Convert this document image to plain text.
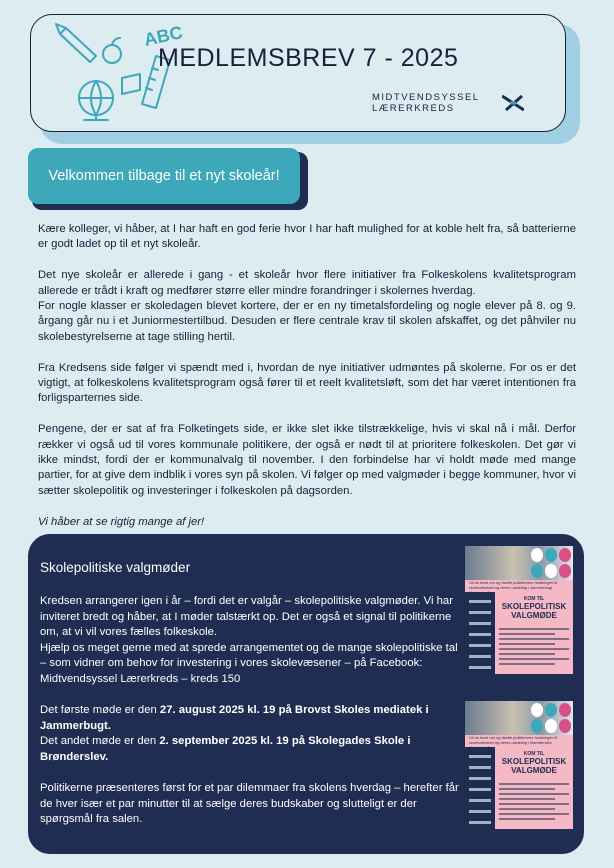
ABC
MEDLEMSBREV 7 - 2025
MIDTVENDSYSSEL
LÆRERKREDS
Velkommen tilbage til et nyt skoleår!

Kære kolleger, vi håber, at I har haft en god ferie hvor I har haft mulighed for at koble helt fra, så batterierne er godt ladet op til et nyt skoleår.

Det nye skoleår er allerede i gang - et skoleår hvor flere initiativer fra Folkeskolens kvalitetsprogram allerede er trådt i kraft og medfører større eller mindre forandringer i skolernes hverdag.

For nogle klasser er skoledagen blevet kortere, der er en ny timetalsfordeling og nogle elever på 8. og 9. årgang går nu i et Juniormestertilbud. Desuden er flere centrale krav til skolen afskaffet, og det påhviler nu skolebestyrelserne at tage stilling hertil.

Fra Kredsens side følger vi spændt med i, hvordan de nye initiativer udmøntes på skolerne. For os er det vigtigt, at folkeskolens kvalitetsprogram også fører til et reelt kvalitetsløft, som det har været intentionen fra forligsparternes side.

Pengene, der er sat af fra Folketingets side, er ikke slet ikke tilstrækkelige, hvis vi skal nå i mål. Derfor rækker vi også ud til vores kommunale politikere, der også er nødt til at prioritere folkeskolen. Det gør vi ikke mindst, fordi der er kommunalvalg til november. I den forbindelse har vi holdt møde med mange partier, for at give dem indblik i vores syn på skolen. Vi følger op med valgmøder i begge kommuner, hvor vi sætter skolepolitik og investeringer i folkeskolen på dagsorden.

Vi håber at se rigtig mange af jer!

Skolepolitiske valgmøder

Kredsen arrangerer igen i år – fordi det er valgår – skolepolitiske valgmøder. Vi har inviteret bredt og håber, at I møder talstærkt op. Det er også et signal til politikerne om, at vi vil vores fælles folkeskole.

Hjælp os meget gerne med at sprede arrangementet og de mange skolepolitiske tal – som vidner om behov for investering i vores skolevæsener – på Facebook: Midtvendsyssel Lærerkreds – kreds 150

Det første møde er den 27. august 2025 kl. 19 på Brovst Skoles mediatek i Jammerbugt.

Det andet møde er den 2. september 2025 kl. 19 på Skolegades Skole i Brønderslev.

Politikerne præsenteres først for et par dilemmaer fra skolens hverdag – herefter får de hver især et par minutter til at sælge deres budskaber og slutteligt er der spørgsmål fra salen.

Vil du høre om og drøfte politikernes holdninger til skolevæsenet og deres udvikling i Jammerbugt
KOM TIL
SKOLEPOLITISK VALGMØDE
Vil du høre om og drøfte politikernes holdninger til skolevæsenet og deres udvikling i Brønderslev
KOM TIL
SKOLEPOLITISK VALGMØDE
